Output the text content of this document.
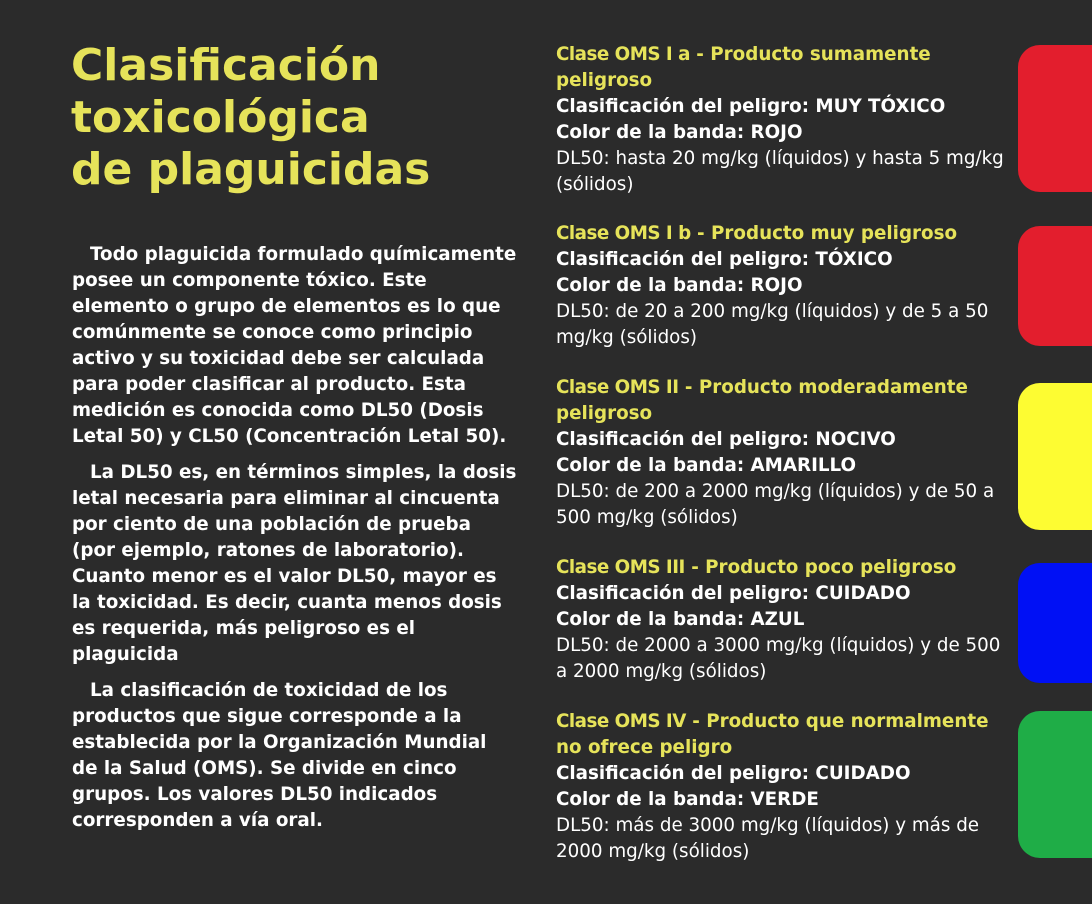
Clasificación
toxicológica
de plaguicidas

Todo plaguicida formulado químicamente posee un componente tóxico. Este elemento o grupo de elementos es lo que comúnmente se conoce como principio activo y su toxicidad debe ser calculada para poder clasificar al producto. Esta medición es conocida como DL50 (Dosis Letal 50) y CL50 (Concentración Letal 50).

La DL50 es, en términos simples, la dosis letal necesaria para eliminar al cincuenta por ciento de una población de prueba (por ejemplo, ratones de laboratorio). Cuanto menor es el valor DL50, mayor es la toxicidad. Es decir, cuanta menos dosis es requerida, más peligroso es el plaguicida

La clasificación de toxicidad de los productos que sigue corresponde a la establecida por la Organización Mundial de la Salud (OMS). Se divide en cinco grupos. Los valores DL50 indicados corresponden a vía oral.

Clase OMS I a - Producto sumamente peligroso
Clasificación del peligro: MUY TÓXICO
Color de la banda: ROJO
DL50: hasta 20 mg/kg (líquidos) y hasta 5 mg/kg (sólidos)
Clase OMS I b - Producto muy peligroso
Clasificación del peligro: TÓXICO
Color de la banda: ROJO
DL50: de 20 a 200 mg/kg (líquidos) y de 5 a 50 mg/kg (sólidos)
Clase OMS II - Producto moderadamente peligroso
Clasificación del peligro: NOCIVO
Color de la banda: AMARILLO
DL50: de 200 a 2000 mg/kg (líquidos) y de 50 a 500 mg/kg (sólidos)
Clase OMS III - Producto poco peligroso
Clasificación del peligro: CUIDADO
Color de la banda: AZUL
DL50: de 2000 a 3000 mg/kg (líquidos) y de 500 a 2000 mg/kg (sólidos)
Clase OMS IV - Producto que normalmente no ofrece peligro
Clasificación del peligro: CUIDADO
Color de la banda: VERDE
DL50: más de 3000 mg/kg (líquidos) y más de 2000 mg/kg (sólidos)
